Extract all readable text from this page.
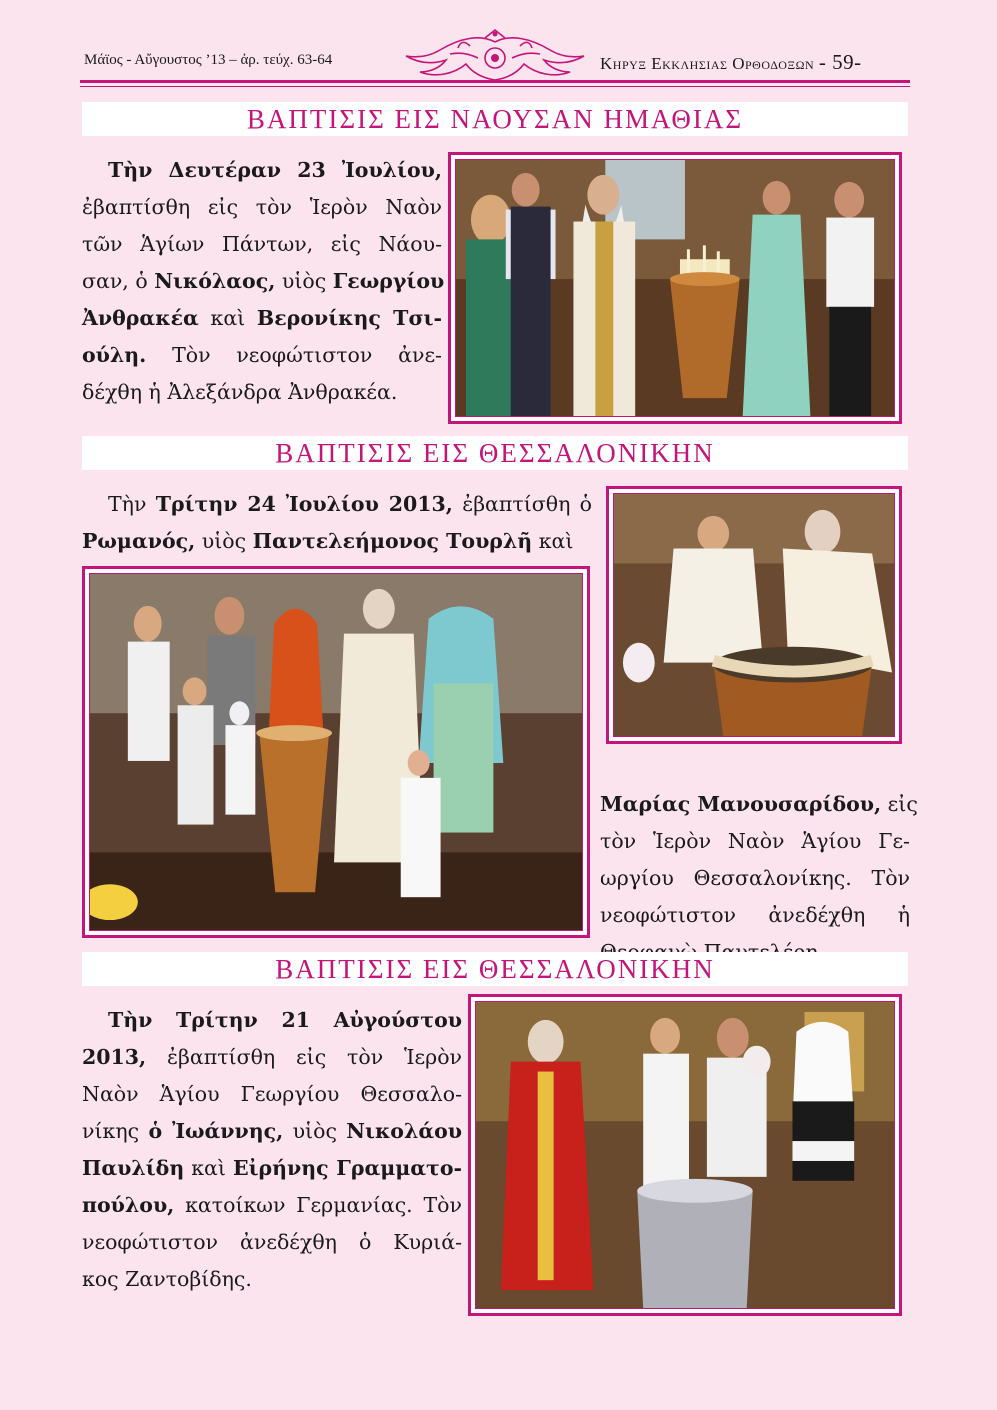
Μάϊος - Αὔγουστος ’13 – ἀρ. τεύχ. 63-64	Κηρυξ Εκκλησιας Ορθοδοξων - 59-
ΒΑΠΤΙΣΙΣ ΕΙΣ ΝΑΟΥΣΑΝ ΗΜΑΘΙΑΣ
Τὴν Δευτέραν 23 Ἰουλίου,
ἐβαπτίσθη εἰς τὸν Ἱερὸν Ναὸν
τῶν Ἁγίων Πάντων, εἰς Νάου-
σαν, ὁ Νικόλαος, υἱὸς Γεωργίου
Ἀνθρακέα καὶ Βερονίκης Τσι-
ούλη. Τὸν νεοφώτιστον ἀνε-
δέχθη ἡ Ἀλεξάνδρα Ἀνθρακέα.
ΒΑΠΤΙΣΙΣ ΕΙΣ ΘΕΣΣΑΛΟΝΙΚΗΝ
Τὴν Τρίτην 24 Ἰουλίου 2013, ἐβαπτίσθη ὁ
Ρωμανός, υἱὸς Παντελεήμονος Τουρλῆ καὶ
Μαρίας Μανουσαρίδου, εἰς
τὸν Ἱερὸν Ναὸν Ἁγίου Γε-
ωργίου Θεσσαλονίκης. Τὸν
νεοφώτιστον ἀνεδέχθη ἡ
ΒΑΠΤΙΣΙΣ ΕΙΣ ΘΕΣΣΑΛΟΝΙΚΗΝ
Τὴν Τρίτην 21 Αὐγούστου
2013, ἐβαπτίσθη εἰς τὸν Ἱερὸν
Ναὸν Ἁγίου Γεωργίου Θεσσαλο-
νίκης ὁ Ἰωάννης, υἱὸς Νικολάου
Παυλίδη καὶ Εἰρήνης Γραμματο-
πούλου, κατοίκων Γερμανίας. Τὸν
νεοφώτιστον ἀνεδέχθη ὁ Κυριά-
κος Ζαντοβίδης.
